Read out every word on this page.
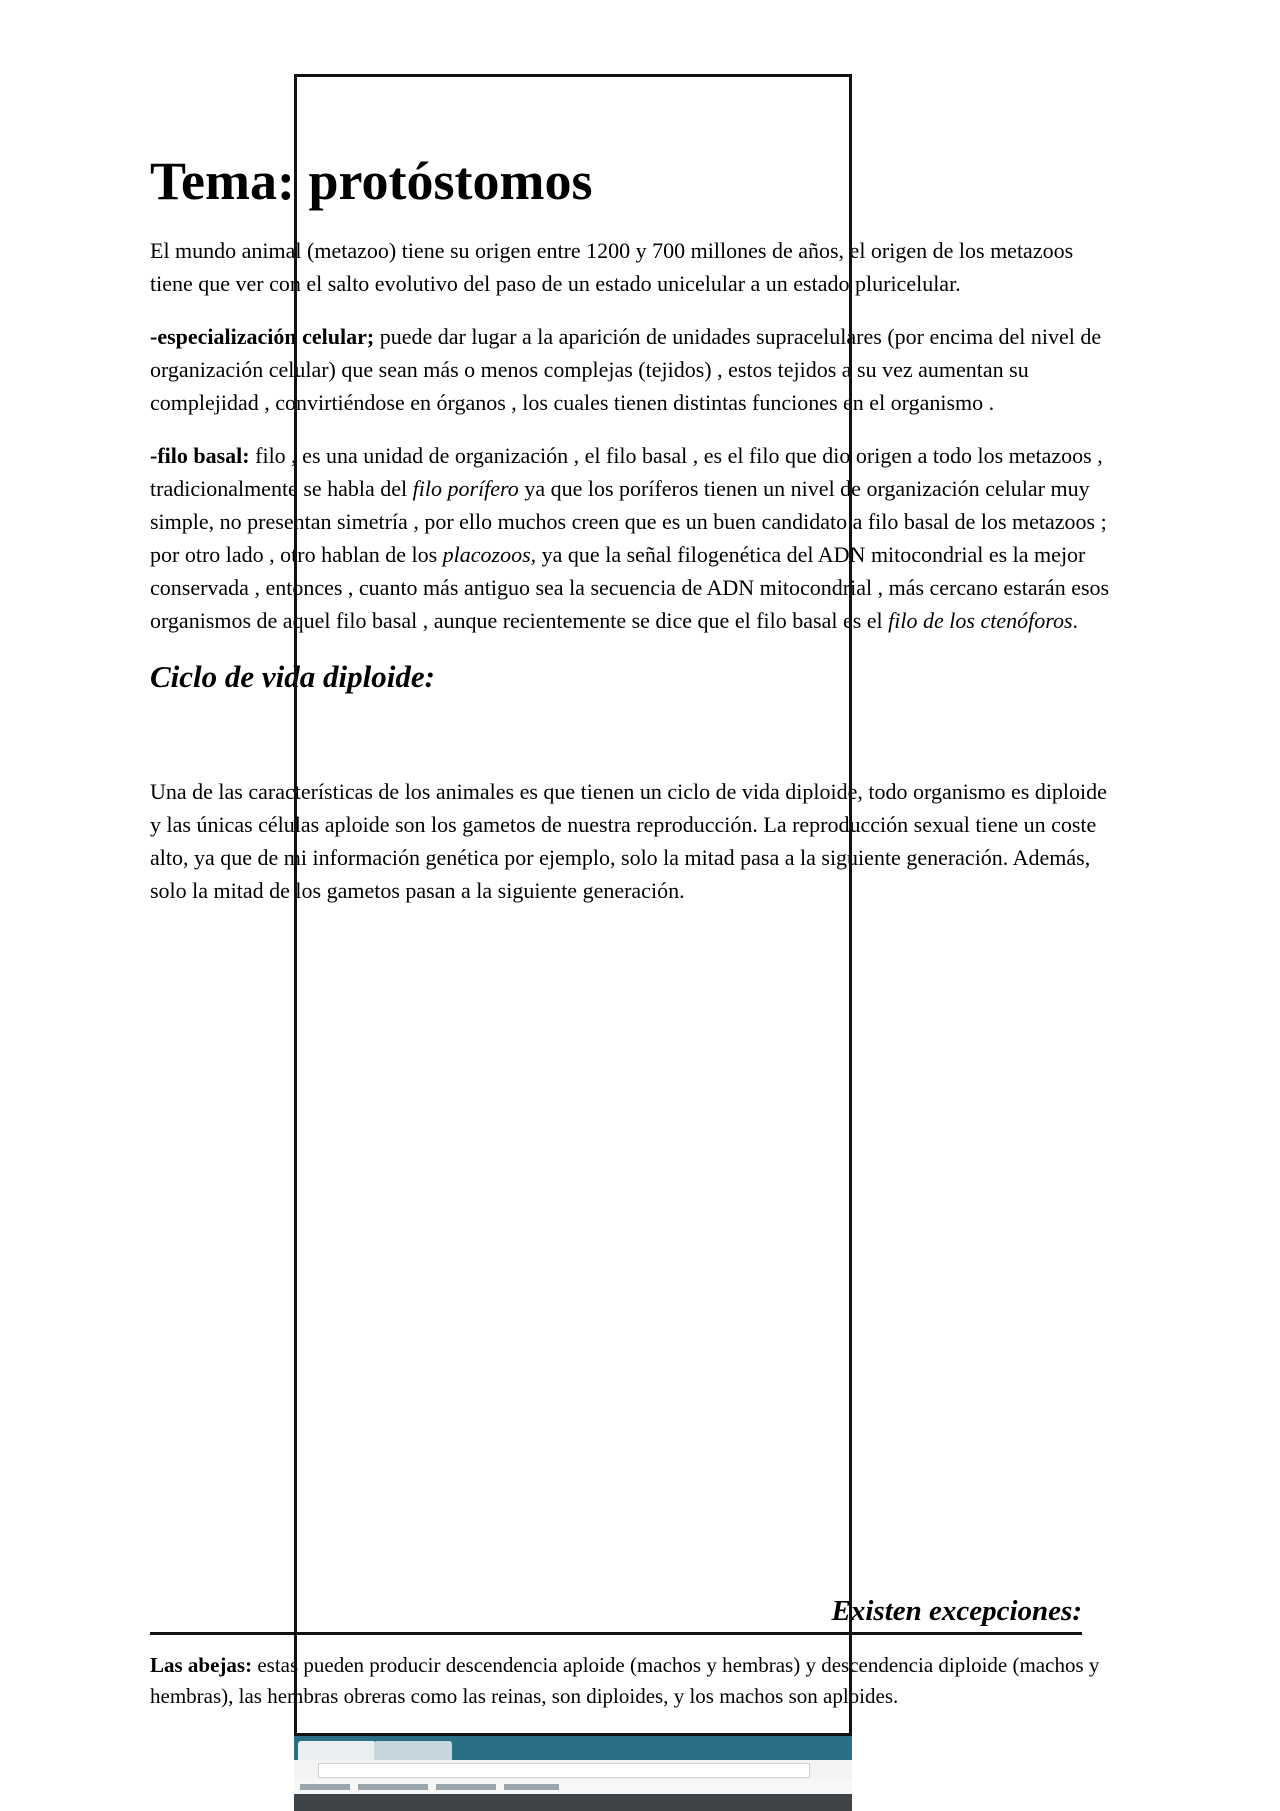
Tema: protóstomos

El mundo animal (metazoo) tiene su origen entre 1200 y 700 millones de años, el origen de los metazoos tiene que ver con el salto evolutivo del paso de un estado unicelular a un estado pluricelular.

-especialización celular; puede dar lugar a la aparición de unidades supracelulares (por encima del nivel de organización celular) que sean más o menos complejas (tejidos) , estos tejidos a su vez aumentan su complejidad , convirtiéndose en órganos , los cuales tienen distintas funciones en el organismo .

-filo basal: filo , es una unidad de organización , el filo basal , es el filo que dio origen a todo los metazoos , tradicionalmente se habla del filo porífero ya que los poríferos tienen un nivel de organización celular muy simple, no presentan simetría , por ello muchos creen que es un buen candidato a filo basal de los metazoos ; por otro lado , otro hablan de los placozoos, ya que la señal filogenética del ADN mitocondrial es la mejor conservada , entonces , cuanto más antiguo sea la secuencia de ADN mitocondrial , más cercano estarán esos organismos de aquel filo basal , aunque recientemente se dice que el filo basal es el filo de los ctenóforos.

Ciclo de vida diploide:

Una de las características de los animales es que tienen un ciclo de vida diploide, todo organismo es diploide y las únicas células aploide son los gametos de nuestra reproducción. La reproducción sexual tiene un coste alto, ya que de mi información genética por ejemplo, solo la mitad pasa a la siguiente generación. Además, solo la mitad de los gametos pasan a la siguiente generación.

Existen excepciones:

Las abejas: estas pueden producir descendencia aploide (machos y hembras) y descendencia diploide (machos y hembras), las hembras obreras como las reinas, son diploides, y los machos son aploides.
